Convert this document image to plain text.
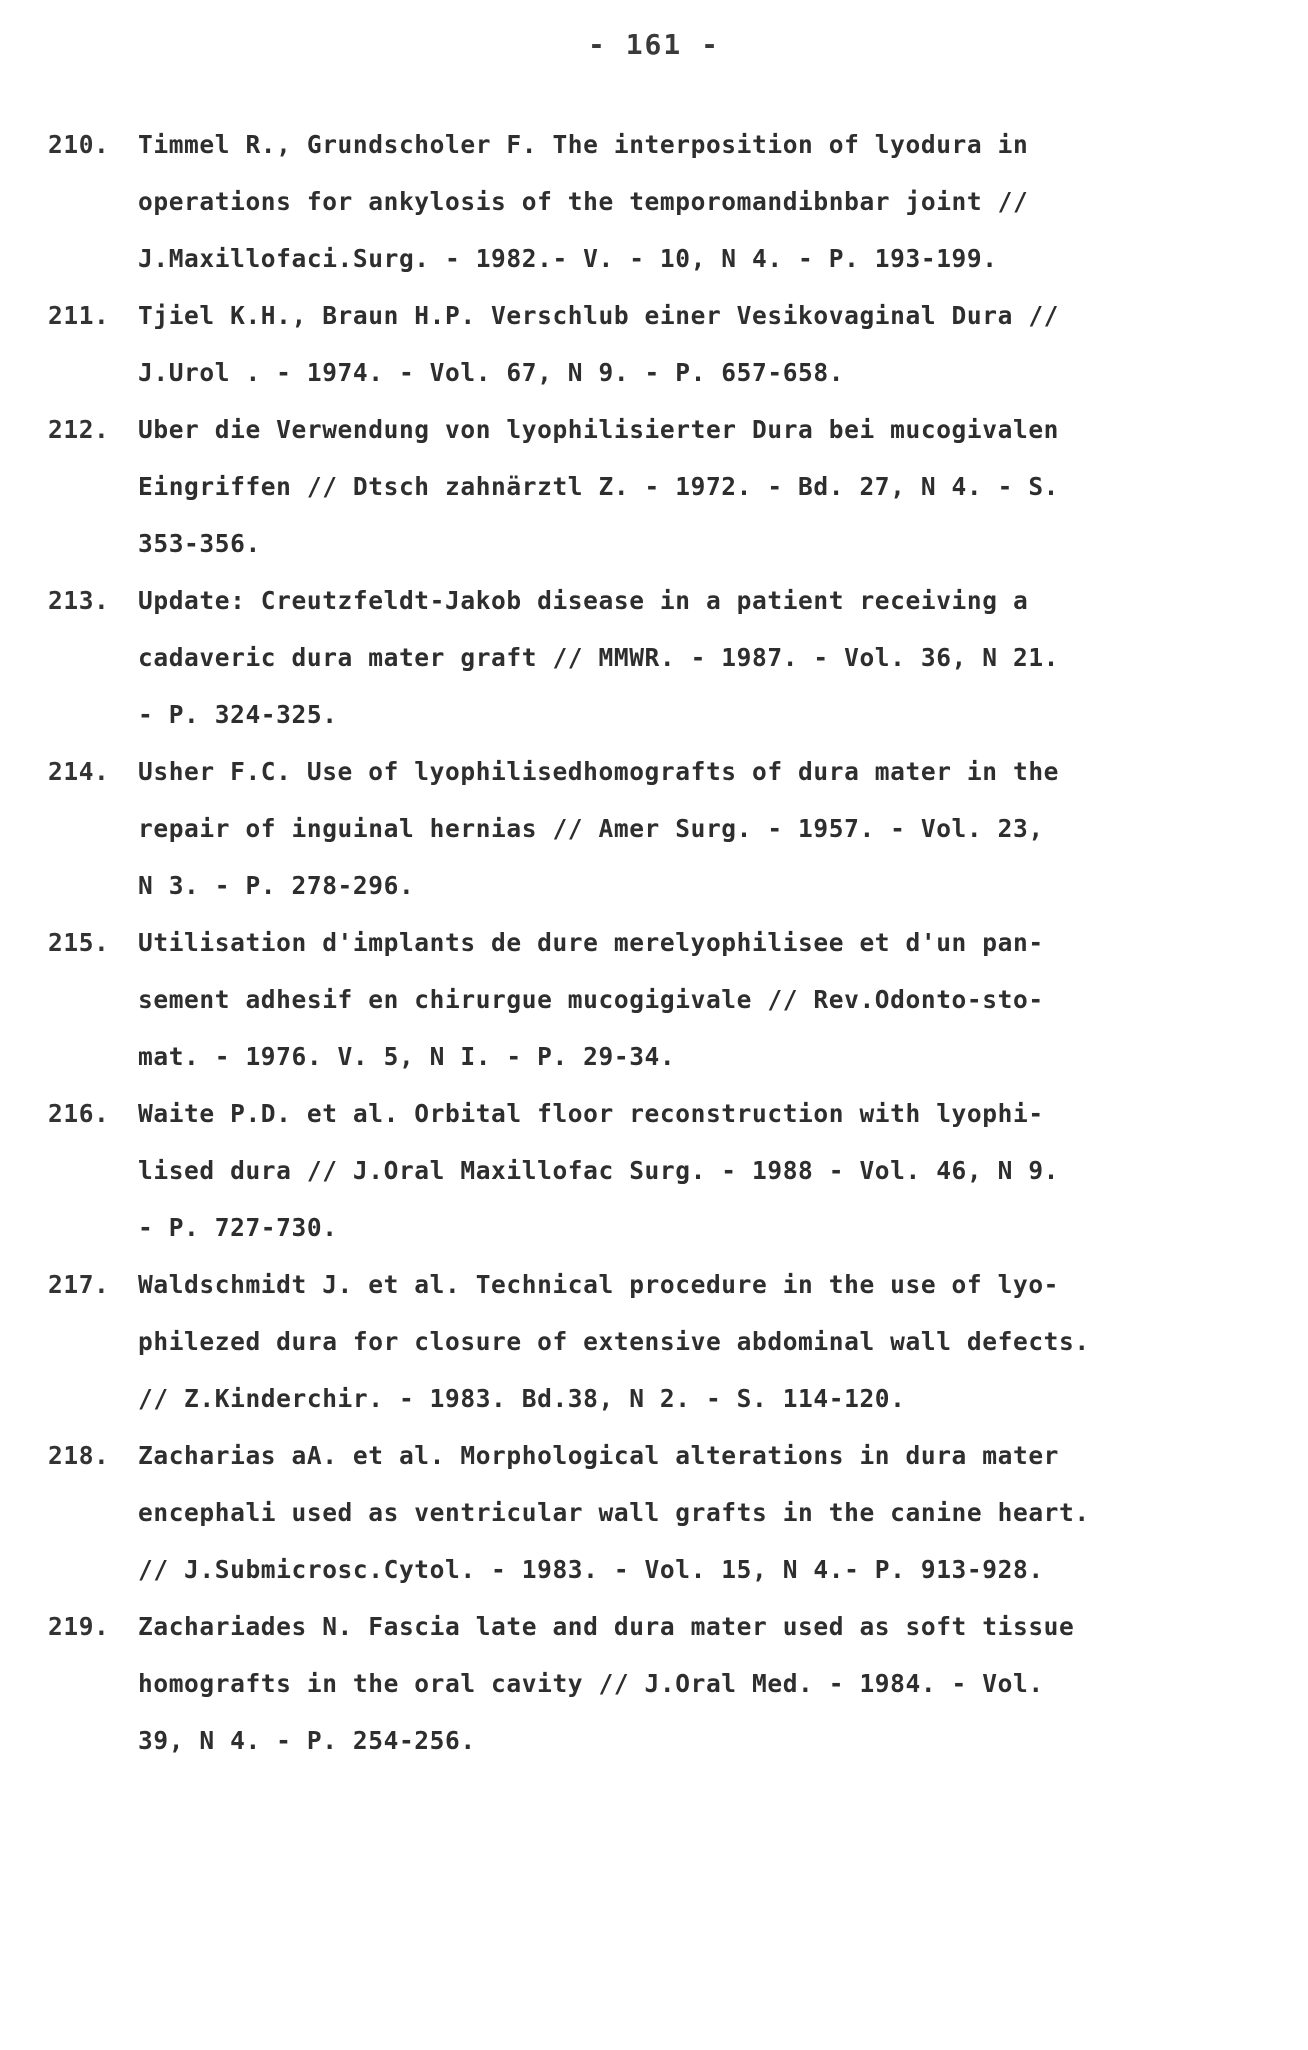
- 161 -
210.	Timmel R., Grundscholer F. The interposition of lyodura in
operations for ankylosis of the temporomandibnbar joint //
J.Maxillofaci.Surg. - 1982.- V. - 10, N 4. - P. 193-199.
211.	Tjiel K.H., Braun H.P. Verschlub einer Vesikovaginal Dura //
J.Urol . - 1974. - Vol. 67, N 9. - P. 657-658.
212.	Uber die Verwendung von lyophilisierter Dura bei mucogivalen
Eingriffen // Dtsch zahnärztl Z. - 1972. - Bd. 27, N 4. - S.
353-356.
213.	Update: Creutzfeldt-Jakob disease in a patient receiving a
cadaveric dura mater graft // MMWR. - 1987. - Vol. 36, N 21.
- P. 324-325.
214.	Usher F.C. Use of lyophilisedhomografts of dura mater in the
repair of inguinal hernias // Amer Surg. - 1957. - Vol. 23,
N 3. - P. 278-296.
215.	Utilisation d'implants de dure merelyophilisee et d'un pan-
sement adhesif en chirurgue mucogigivale // Rev.Odonto-sto-
mat. - 1976. V. 5, N I. - P. 29-34.
216.	Waite P.D. et al. Orbital floor reconstruction with lyophi-
lised dura // J.Oral Maxillofac Surg. - 1988 - Vol. 46, N 9.
- P. 727-730.
217.	Waldschmidt J. et al. Technical procedure in the use of lyo-
philezed dura for closure of extensive abdominal wall defects.
// Z.Kinderchir. - 1983. Bd.38, N 2. - S. 114-120.
218.	Zacharias aA. et al. Morphological alterations in dura mater
encephali used as ventricular wall grafts in the canine heart.
// J.Submicrosc.Cytol. - 1983. - Vol. 15, N 4.- P. 913-928.
219.	Zachariades N. Fascia late and dura mater used as soft tissue
homografts in the oral cavity // J.Oral Med. - 1984. - Vol.
39, N 4. - P. 254-256.
